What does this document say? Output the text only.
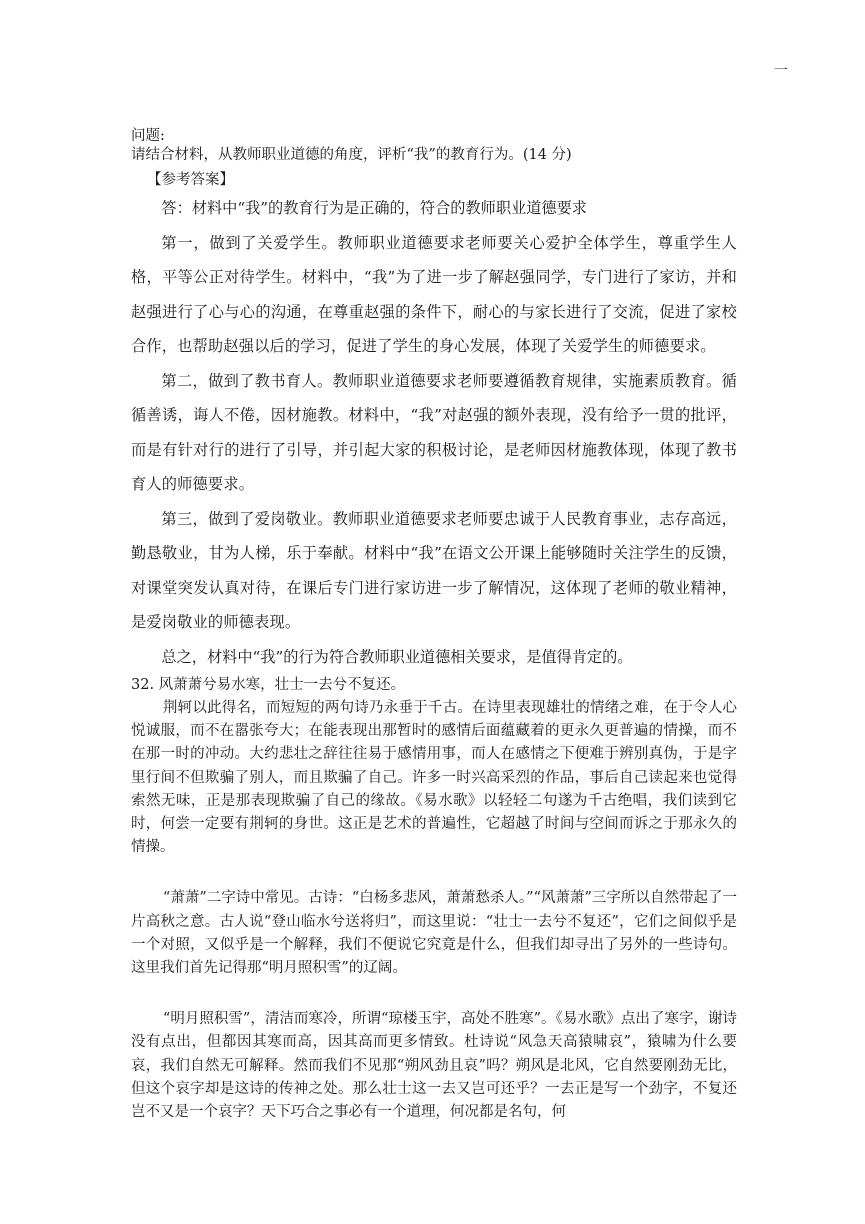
一

问题:

请结合材料，从教师职业道德的角度，评析“我”的教育行为。(14 分)

【参考答案】

答：材料中“我”的教育行为是正确的，符合的教师职业道德要求

第一，做到了关爱学生。教师职业道德要求老师要关心爱护全体学生，尊重学生人格，平等公正对待学生。材料中，“我”为了进一步了解赵强同学，专门进行了家访，并和赵强进行了心与心的沟通，在尊重赵强的条件下，耐心的与家长进行了交流，促进了家校合作，也帮助赵强以后的学习，促进了学生的身心发展，体现了关爱学生的师德要求。

第二，做到了教书育人。教师职业道德要求老师要遵循教育规律，实施素质教育。循循善诱，诲人不倦，因材施教。材料中，“我”对赵强的额外表现，没有给予一贯的批评，而是有针对行的进行了引导，并引起大家的积极讨论，是老师因材施教体现，体现了教书育人的师德要求。

第三，做到了爱岗敬业。教师职业道德要求老师要忠诚于人民教育事业，志存高远，勤恳敬业，甘为人梯，乐于奉献。材料中“我”在语文公开课上能够随时关注学生的反馈，对课堂突发认真对待，在课后专门进行家访进一步了解情况，这体现了老师的敬业精神，是爱岗敬业的师德表现。

总之，材料中“我”的行为符合教师职业道德相关要求，是值得肯定的。

32. 风萧萧兮易水寒，壮士一去兮不复还。

荆轲以此得名，而短短的两句诗乃永垂于千古。在诗里表现雄壮的情绪之难，在于令人心悦诚服，而不在嚣张夸大；在能表现出那暂时的感情后面蕴藏着的更永久更普遍的情操，而不在那一时的冲动。大约悲壮之辞往往易于感情用事，而人在感情之下便难于辨别真伪，于是字里行间不但欺骗了别人，而且欺骗了自己。许多一时兴高采烈的作品，事后自己读起来也觉得索然无味，正是那表现欺骗了自己的缘故。《易水歌》以轻轻二句遂为千古绝唱，我们读到它时，何尝一定要有荆轲的身世。这正是艺术的普遍性，它超越了时间与空间而诉之于那永久的情操。

“萧萧”二字诗中常见。古诗：“白杨多悲风，萧萧愁杀人。”“风萧萧”三字所以自然带起了一片高秋之意。古人说“登山临水兮送将归”，而这里说：“壮士一去兮不复还”，它们之间似乎是一个对照，又似乎是一个解释，我们不便说它究竟是什么，但我们却寻出了另外的一些诗句。这里我们首先记得那“明月照积雪”的辽阔。

“明月照积雪”，清洁而寒冷，所谓“琼楼玉宇，高处不胜寒”。《易水歌》点出了寒字，谢诗没有点出，但都因其寒而高，因其高而更多情致。杜诗说“风急天高猿啸哀”，猿啸为什么要哀，我们自然无可解释。然而我们不见那“朔风劲且哀”吗？朔风是北风，它自然要刚劲无比，但这个哀字却是这诗的传神之处。那么壮士这一去又岂可还乎？一去正是写一个劲字，不复还岂不又是一个哀字？天下巧合之事必有一个道理，何况都是名句，何
